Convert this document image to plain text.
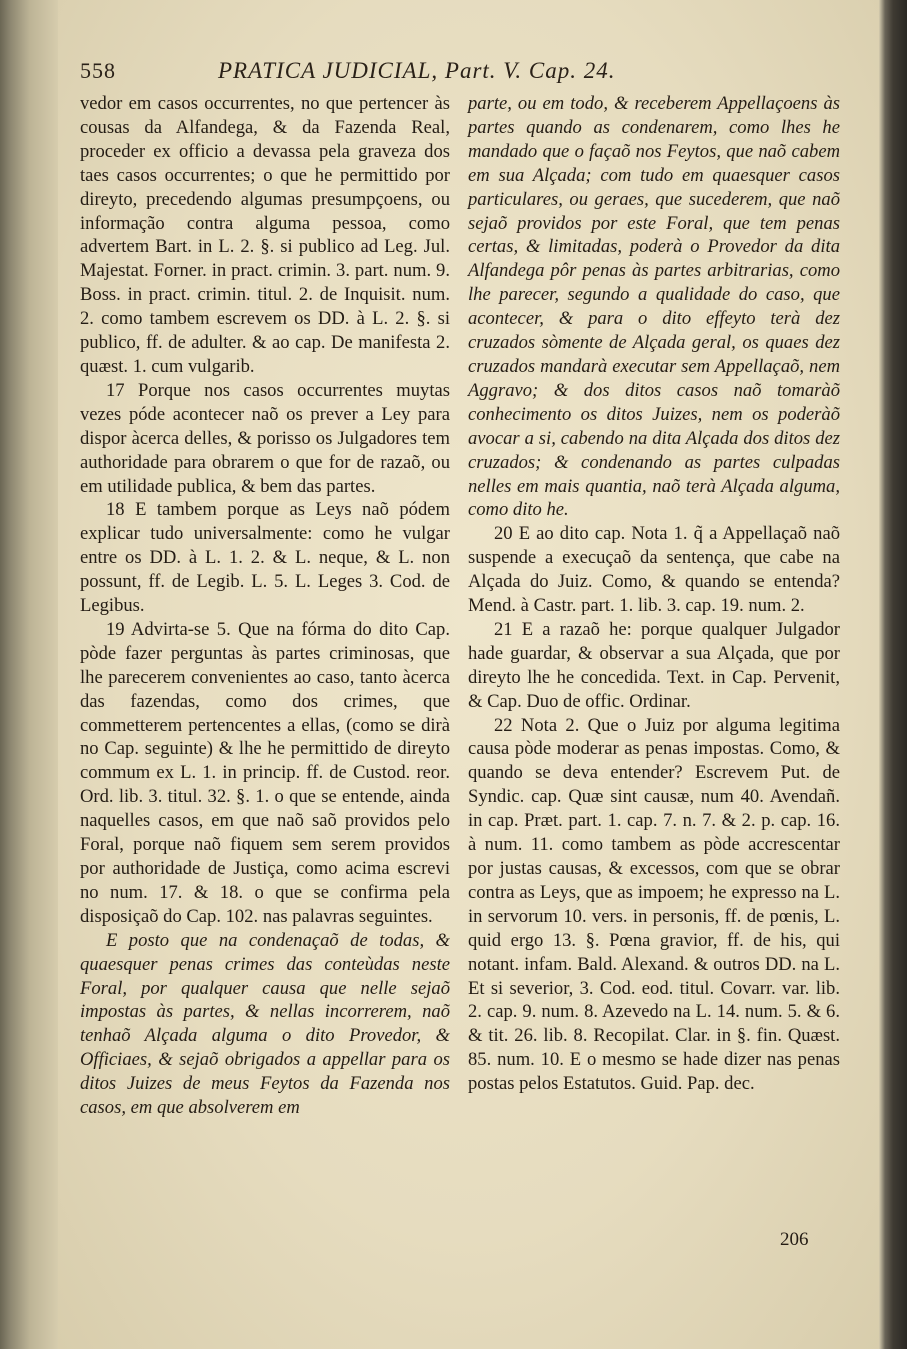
558	PRATICA JUDICIAL, Part. V. Cap. 24.

vedor em casos occurrentes, no que pertencer às cousas da Alfandega, & da Fazenda Real, proceder ex officio a devassa pela graveza dos taes casos occurrentes; o que he permittido por direyto, precedendo algumas presumpçoens, ou informação contra alguma pessoa, como advertem Bart. in L. 2. §. si publico ad Leg. Jul. Majestat. Forner. in pract. crimin. 3. part. num. 9. Boss. in pract. crimin. titul. 2. de Inquisit. num. 2. como tambem escrevem os DD. à L. 2. §. si publico, ff. de adulter. & ao cap. De manifesta 2. quæst. 1. cum vulgarib.

17 Porque nos casos occurrentes muytas vezes póde acontecer naõ os prever a Ley para dispor àcerca delles, & porisso os Julgadores tem authoridade para obrarem o que for de razaõ, ou em utilidade publica, & bem das partes.

18 E tambem porque as Leys naõ pódem explicar tudo universalmente: como he vulgar entre os DD. à L. 1. 2. & L. neque, & L. non possunt, ff. de Legib. L. 5. L. Leges 3. Cod. de Legibus.

19 Advirta-se 5. Que na fórma do dito Cap. pòde fazer perguntas às partes criminosas, que lhe parecerem convenientes ao caso, tanto àcerca das fazendas, como dos crimes, que commetterem pertencentes a ellas, (como se dirà no Cap. seguinte) & lhe he permittido de direyto commum ex L. 1. in princip. ff. de Custod. reor. Ord. lib. 3. titul. 32. §. 1. o que se entende, ainda naquelles casos, em que naõ saõ providos pelo Foral, porque naõ fiquem sem serem providos por authoridade de Justiça, como acima escrevi no num. 17. & 18. o que se confirma pela disposiçaõ do Cap. 102. nas palavras seguintes.

E posto que na condenaçaõ de todas, & quaesquer penas crimes das conteùdas neste Foral, por qualquer causa que nelle sejaõ impostas às partes, & nellas incorrerem, naõ tenhaõ Alçada alguma o dito Provedor, & Officiaes, & sejaõ obrigados a appellar para os ditos Juizes de meus Feytos da Fazenda nos casos, em que absolverem em

parte, ou em todo, & receberem Appellaçoens às partes quando as condenarem, como lhes he mandado que o façaõ nos Feytos, que naõ cabem em sua Alçada; com tudo em quaesquer casos particulares, ou geraes, que sucederem, que naõ sejaõ providos por este Foral, que tem penas certas, & limitadas, poderà o Provedor da dita Alfandega pôr penas às partes arbitrarias, como lhe parecer, segundo a qualidade do caso, que acontecer, & para o dito effeyto terà dez cruzados sòmente de Alçada geral, os quaes dez cruzados mandarà executar sem Appellaçaõ, nem Aggravo; & dos ditos casos naõ tomaràõ conhecimento os ditos Juizes, nem os poderàõ avocar a si, cabendo na dita Alçada dos ditos dez cruzados; & condenando as partes culpadas nelles em mais quantia, naõ terà Alçada alguma, como dito he.

20 E ao dito cap. Nota 1. q̃ a Appellaçaõ naõ suspende a execuçaõ da sentença, que cabe na Alçada do Juiz. Como, & quando se entenda? Mend. à Castr. part. 1. lib. 3. cap. 19. num. 2.

21 E a razaõ he: porque qualquer Julgador hade guardar, & observar a sua Alçada, que por direyto lhe he concedida. Text. in Cap. Pervenit, & Cap. Duo de offic. Ordinar.

22 Nota 2. Que o Juiz por alguma legitima causa pòde moderar as penas impostas. Como, & quando se deva entender? Escrevem Put. de Syndic. cap. Quæ sint causæ, num 40. Avendañ. in cap. Præt. part. 1. cap. 7. n. 7. & 2. p. cap. 16. à num. 11. como tambem as pòde accrescentar por justas causas, & excessos, com que se obrar contra as Leys, que as impoem; he expresso na L. in servorum 10. vers. in personis, ff. de pœnis, L. quid ergo 13. §. Pœna gravior, ff. de his, qui notant. infam. Bald. Alexand. & outros DD. na L. Et si severior, 3. Cod. eod. titul. Covarr. var. lib. 2. cap. 9. num. 8. Azevedo na L. 14. num. 5. & 6. & tit. 26. lib. 8. Recopilat. Clar. in §. fin. Quæst. 85. num. 10. E o mesmo se hade dizer nas penas postas pelos Estatutos. Guid. Pap. dec.

206
